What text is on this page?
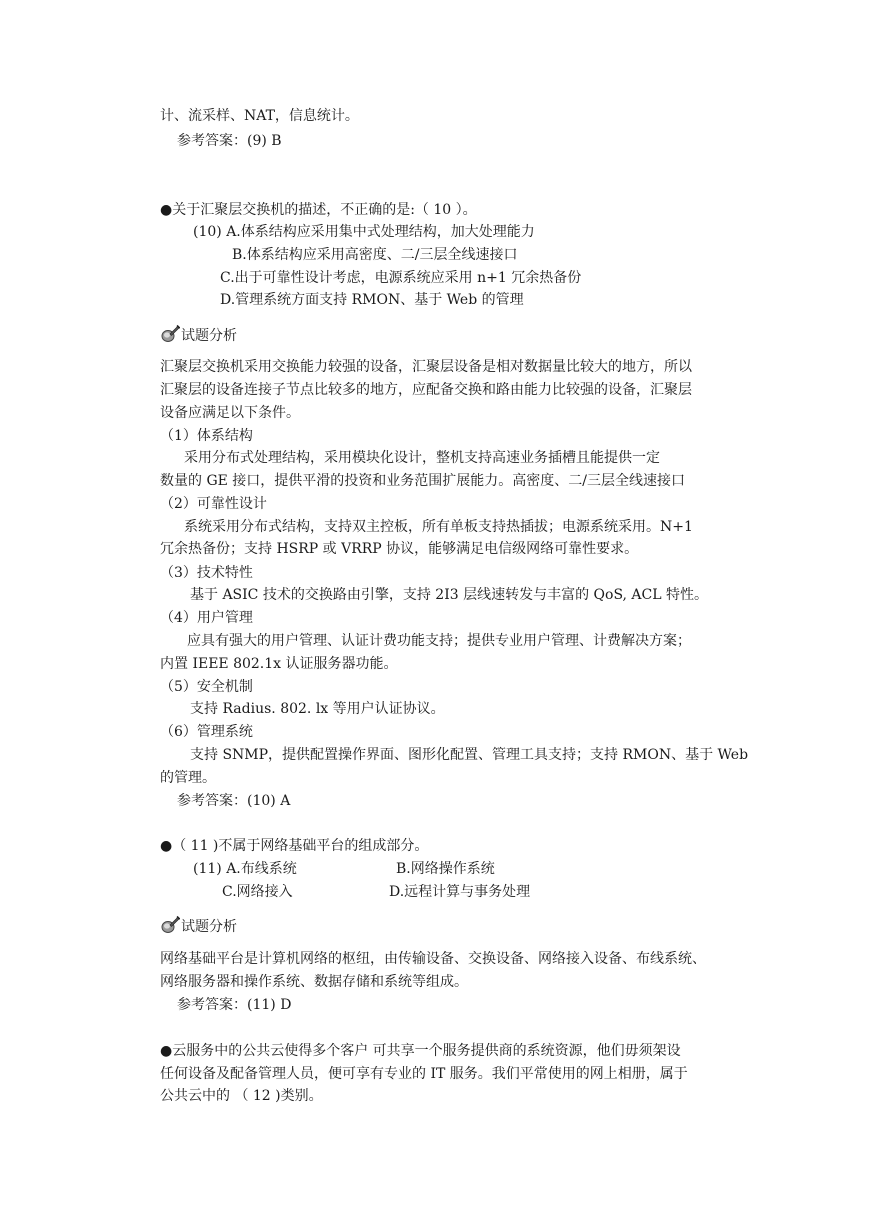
计、流采样、NAT，信息统计。
参考答案：(9) B
●关于汇聚层交换机的描述，不正确的是:（ 10 ）。
(10) A.体系结构应采用集中式处理结构，加大处理能力
B.体系结构应采用高密度、二/三层全线速接口
C.出于可靠性设计考虑，电源系统应采用 n+1 冗余热备份
D.管理系统方面支持 RMON、基于 Web 的管理
试题分析
汇聚层交换机采用交换能力较强的设备，汇聚层设备是相对数据量比较大的地方，所以
汇聚层的设备连接子节点比较多的地方，应配备交换和路由能力比较强的设备，汇聚层
设备应满足以下条件。
（1）体系结构
采用分布式处理结构，采用模块化设计，整机支持高速业务插槽且能提供一定
数量的 GE 接口，提供平滑的投资和业务范围扩展能力。高密度、二/三层全线速接口
（2）可靠性设计
系统采用分布式结构，支持双主控板，所有单板支持热插拔；电源系统采用。N+1
冗余热备份；支持 HSRP 或 VRRP 协议，能够满足电信级网络可靠性要求。
（3）技术特性
基于 ASIC 技术的交换路由引擎，支持 2I3 层线速转发与丰富的 QoS, ACL 特性。
（4）用户管理
应具有强大的用户管理、认证计费功能支持；提供专业用户管理、计费解决方案；
内置 IEEE 802.1x 认证服务器功能。
（5）安全机制
支持 Radius. 802. lx 等用户认证协议。
（6）管理系统
支持 SNMP，提供配置操作界面、图形化配置、管理工具支持；支持 RMON、基于 Web
的管理。
参考答案：(10) A
●（ 11 )不属于网络基础平台的组成部分。
(11) A.布线系统	B.网络操作系统
C.网络接入	D.远程计算与事务处理
试题分析
网络基础平台是计算机网络的枢纽，由传输设备、交换设备、网络接入设备、布线系统、
网络服务器和操作系统、数据存储和系统等组成。
参考答案：(11) D
●云服务中的公共云使得多个客户 可共享一个服务提供商的系统资源，他们毋须架设
任何设备及配备管理人员，便可享有专业的 IT 服务。我们平常使用的网上相册，属于
公共云中的 （ 12 )类别。
